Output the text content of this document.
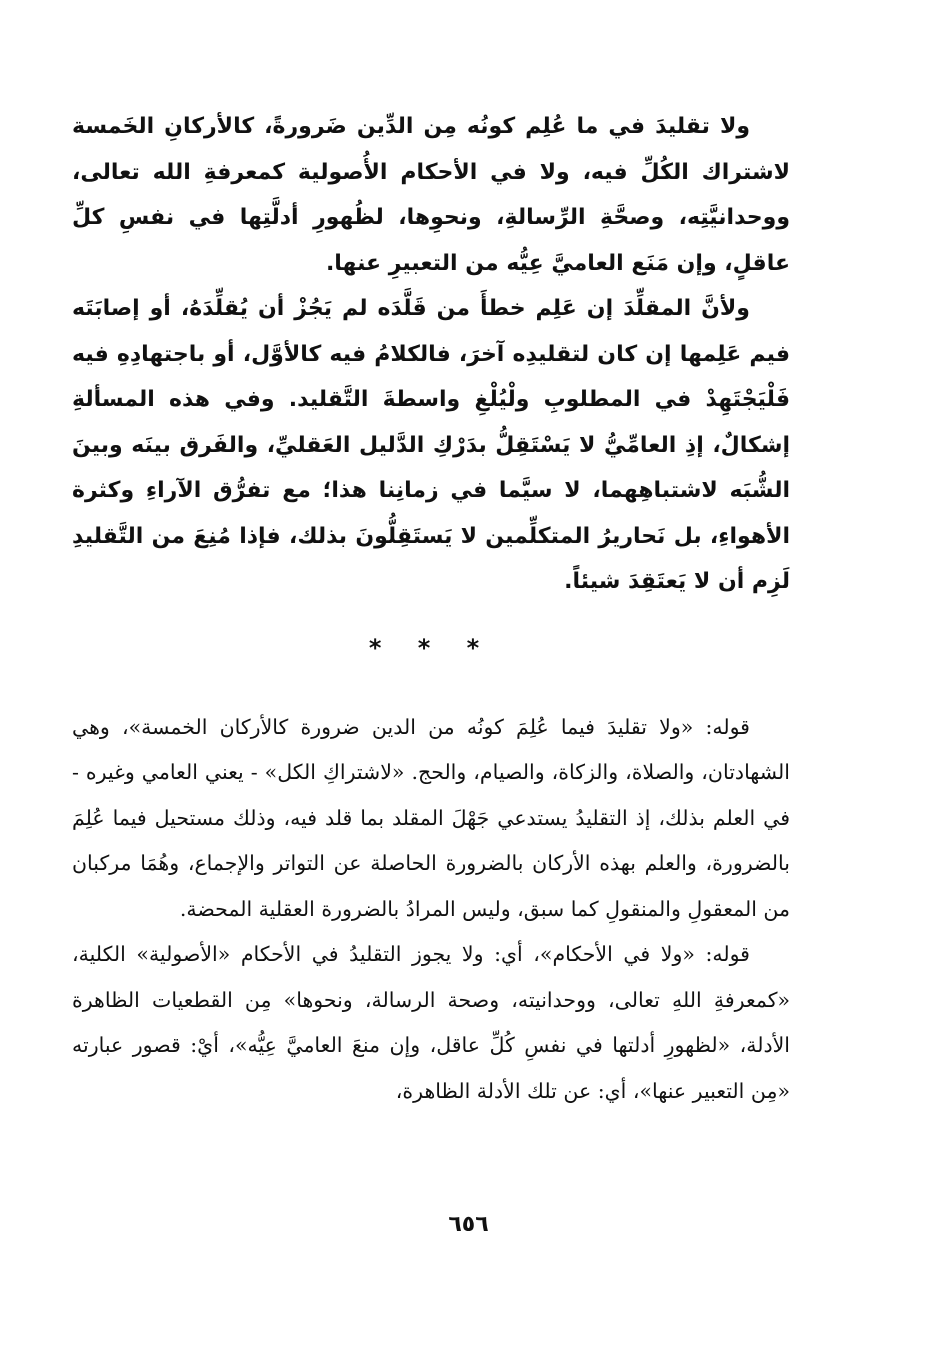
ولا تقليدَ في ما عُلِم كونُه مِن الدِّين ضَرورةً، كالأركانِ الخَمسة لاشتراك الكُلِّ فيه، ولا في الأحكام الأُصولية كمعرفةِ الله تعالى، ووحدانيَّتِه، وصحَّةِ الرِّسالةِ، ونحوِها، لظُهورِ أدلَّتِها في نفسِ كلِّ عاقلٍ، وإن مَنَع العاميَّ عِيُّه من التعبيرِ عنها.

ولأنَّ المقلِّدَ إن عَلِم خطأَ من قَلَّدَه لم يَجُزْ أن يُقلِّدَهُ، أو إصابَتَه فيم عَلِمها إن كان لتقليدِه آخرَ، فالكلامُ فيه كالأوَّل، أو باجتهادِهِ فيه فَلْيَجْتَهِدْ في المطلوبِ ولْيُلْغِ واسطةَ التَّقليد. وفي هذه المسألةِ إشكالٌ، إذِ العامِّيُّ لا يَسْتَقِلُّ بدَرْكِ الدَّليل العَقليِّ، والفَرق بينَه وبينَ الشُّبَه لاشتباهِهما، لا سيَّما في زمانِنا هذا؛ مع تفرُّق الآراءِ وكثرة الأهواءِ، بل نَحاريرُ المتكلِّمين لا يَستَقِلُّونَ بذلك، فإذا مُنِعَ من التَّقليدِ لَزِم أن لا يَعتَقِدَ شيئاً.

* * *

قوله: «ولا تقليدَ فيما عُلِمَ كونُه من الدين ضرورة كالأركان الخمسة»، وهي الشهادتان، والصلاة، والزكاة، والصيام، والحج. «لاشتراكِ الكل» - يعني العامي وغيره - في العلم بذلك، إذ التقليدُ يستدعي جَهْلَ المقلد بما قلد فيه، وذلك مستحيل فيما عُلِمَ بالضرورة، والعلم بهذه الأركان بالضرورة الحاصلة عن التواتر والإجماع، وهُمَا مركبان من المعقولِ والمنقولِ كما سبق، وليس المرادُ بالضرورة العقلية المحضة.

قوله: «ولا في الأحكام»، أي: ولا يجوز التقليدُ في الأحكام «الأصولية» الكلية، «كمعرفةِ اللهِ تعالى، ووحدانيته، وصحة الرسالة، ونحوها» مِن القطعيات الظاهرة الأدلة، «لظهورِ أدلتها في نفسِ كُلِّ عاقل، وإن منعَ العاميَّ عِيُّه»، أيْ: قصور عبارته «مِن التعبير عنها»، أي: عن تلك الأدلة الظاهرة،

٦٥٦
